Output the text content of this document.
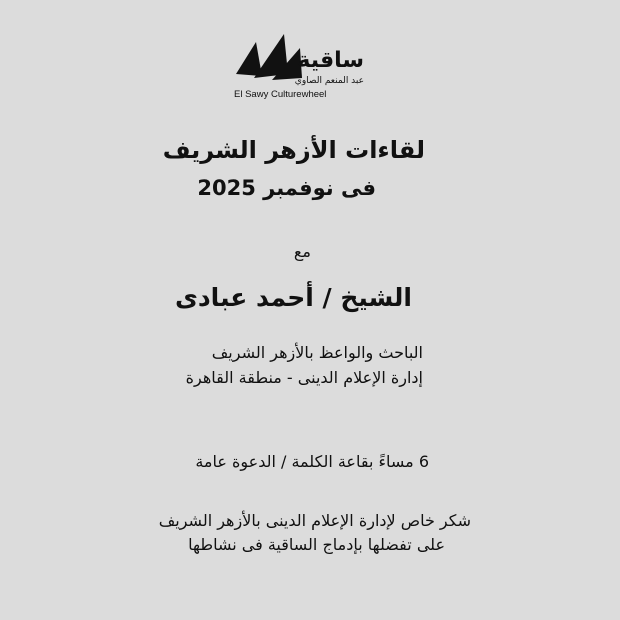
ساقية
عبد المنعم الصاوي
El Sawy Culturewheel
لقاءات الأزهر الشريف
فى نوفمبر 2025
مع
الشيخ / أحمد عبادى
الباحث والواعظ بالأزهر الشريف
إدارة الإعلام الدينى - منطقة القاهرة
6 مساءً بقاعة الكلمة / الدعوة عامة
شكر خاص لإدارة الإعلام الدينى بالأزهر الشريف
على تفضلها بإدماج الساقية فى نشاطها
